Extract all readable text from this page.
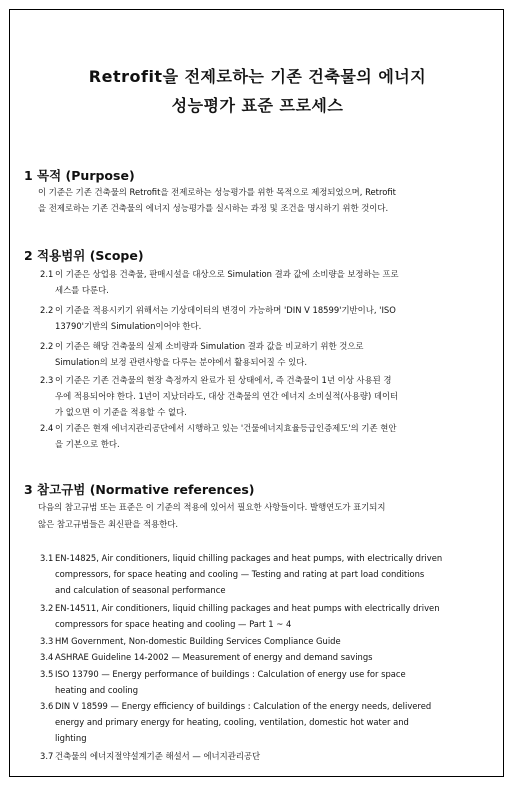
Retrofit을 전제로하는 기존 건축물의 에너지
성능평가 표준 프로세스
1 목적 (Purpose)
이 기준은 기존 건축물의 Retrofit을 전제로하는 성능평가를 위한 목적으로 제정되었으며, Retrofit
을 전제로하는 기존 건축물의 에너지 성능평가를 실시하는 과정 및 조건을 명시하기 위한 것이다.
2 적용범위 (Scope)
2.1 이 기준은 상업용 건축물, 판매시설을 대상으로 Simulation 결과 값에 소비량을 보정하는 프로
세스를 다룬다.
2.2 이 기준을 적용시키기 위해서는 기상데이터의 변경이 가능하며 'DIN V 18599'기반이나, 'ISO
13790'기반의 Simulation이어야 한다.
2.2 이 기준은 해당 건축물의 실제 소비량과 Simulation 결과 값을 비교하기 위한 것으로
Simulation의 보정 관련사항을 다루는 분야에서 활용되어질 수 있다.
2.3 이 기준은 기존 건축물의 현장 측정까지 완료가 된 상태에서, 즉 건축물이 1년 이상 사용된 경
우에 적용되어야 한다. 1년이 지났더라도, 대상 건축물의 연간 에너지 소비실적(사용량) 데이터
가 없으면 이 기준을 적용할 수 없다.
2.4 이 기준은 현재 에너지관리공단에서 시행하고 있는 '건물에너지효율등급인증제도'의 기존 현안
을 기본으로 한다.
3 참고규범 (Normative references)
다음의 참고규범 또는 표준은 이 기준의 적용에 있어서 필요한 사항들이다. 발행연도가 표기되지
않은 참고규범들은 최신판을 적용한다.
3.1 EN-14825, Air conditioners, liquid chilling packages and heat pumps, with electrically driven
compressors, for space heating and cooling — Testing and rating at part load conditions
and calculation of seasonal performance
3.2 EN-14511, Air conditioners, liquid chilling packages and heat pumps with electrically driven
compressors for space heating and cooling — Part 1 ~ 4
3.3 HM Government, Non-domestic Building Services Compliance Guide
3.4 ASHRAE Guideline 14-2002 — Measurement of energy and demand savings
3.5 ISO 13790 — Energy performance of buildings : Calculation of energy use for space
heating and cooling
3.6 DIN V 18599 — Energy efficiency of buildings : Calculation of the energy needs, delivered
energy and primary energy for heating, cooling, ventilation, domestic hot water and
lighting
3.7 건축물의 에너지절약설계기준 해설서 — 에너지관리공단
